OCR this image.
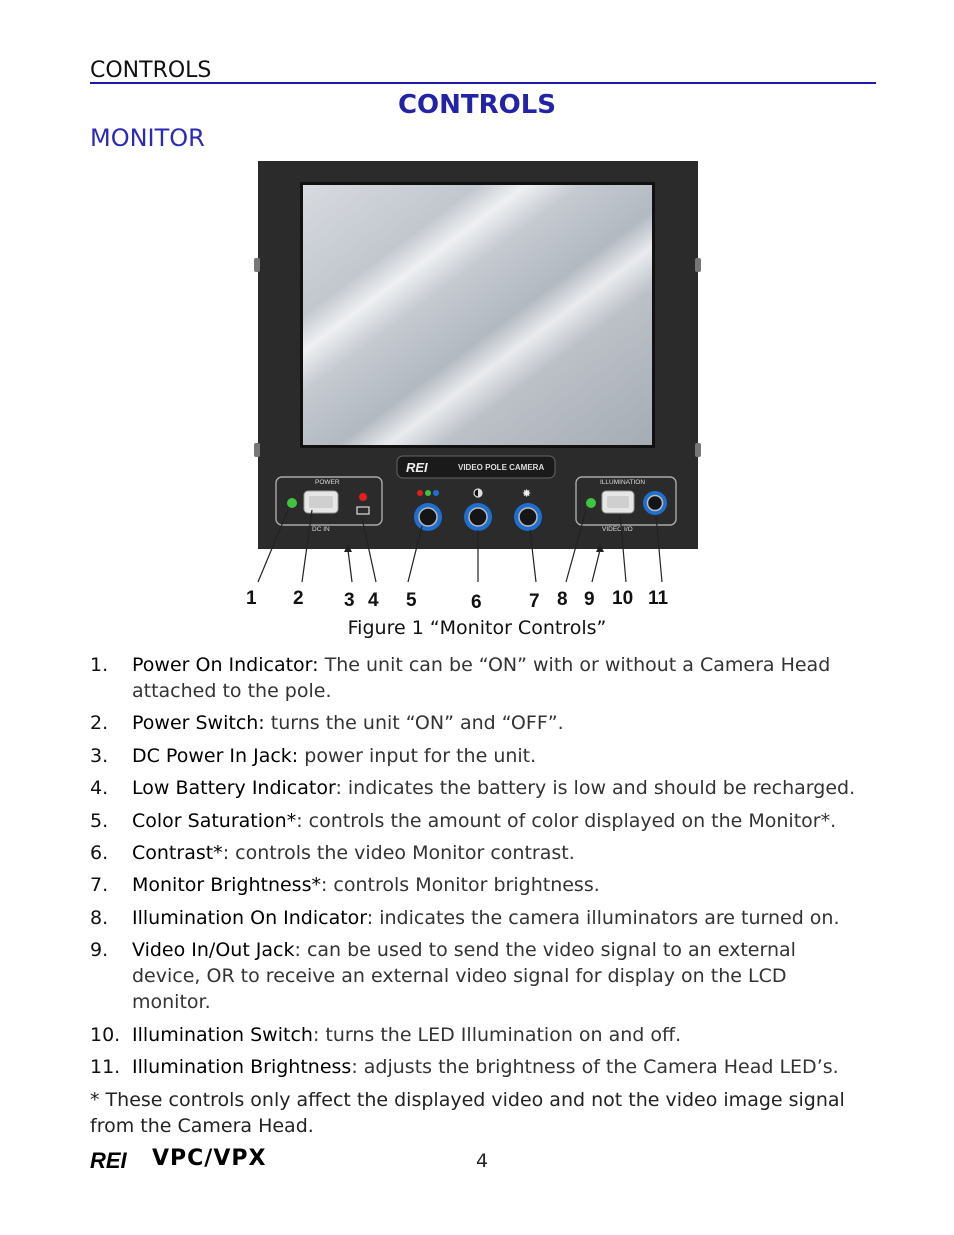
CONTROLS
CONTROLS
MONITOR
REI	VIDEO POLE CAMERA
POWER
DC IN
✸
ILLUMINATION
VIDEO I/O
1 2 3 4 5	6 7 8 9 10 11
Figure 1 “Monitor Controls”
1. Power On Indicator: The unit can be “ON” with or without a Camera Head attached to the pole.
2. Power Switch: turns the unit “ON” and “OFF”.
3. DC Power In Jack: power input for the unit.
4. Low Battery Indicator: indicates the battery is low and should be recharged.
5. Color Saturation*: controls the amount of color displayed on the Monitor*.
6. Contrast*: controls the video Monitor contrast.
7. Monitor Brightness*: controls Monitor brightness.
8. Illumination On Indicator: indicates the camera illuminators are turned on.
9. Video In/Out Jack: can be used to send the video signal to an external device, OR to receive an external video signal for display on the LCD monitor.
10. Illumination Switch: turns the LED Illumination on and off.
11. Illumination Brightness: adjusts the brightness of the Camera Head LED’s.
* These controls only affect the displayed video and not the video image signal from the Camera Head.
REI VPC/VPX	4
